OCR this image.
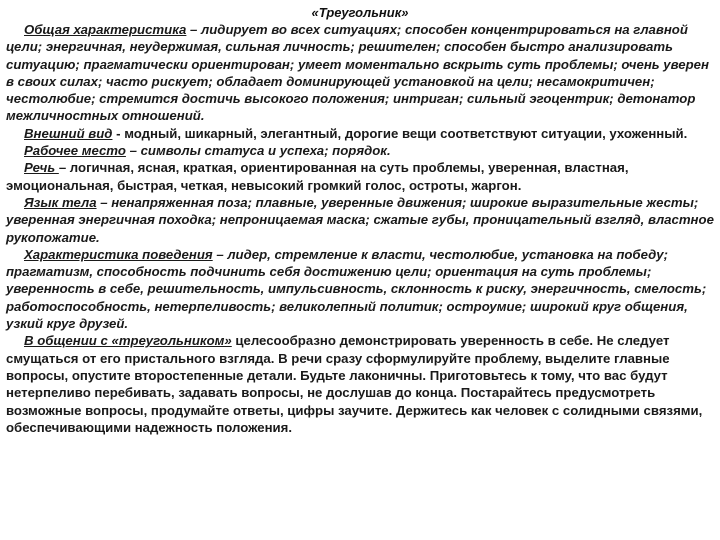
«Треугольник»

Общая характеристика – лидирует во всех ситуациях; способен концентрироваться на главной цели; энергичная, неудержимая, сильная личность; решителен; способен быстро анализировать ситуацию; прагматически ориентирован; умеет моментально вскрыть суть проблемы; очень уверен в своих силах; часто рискует; обладает доминирующей установкой на цели; несамокритичен; честолюбие; стремится достичь высокого положения; интриган; сильный эгоцентрик; детонатор межличностных отношений.

Внешний вид - модный, шикарный, элегантный, дорогие вещи соответствуют ситуации, ухоженный.

Рабочее место – символы статуса и успеха; порядок.

Речь – логичная, ясная, краткая, ориентированная на суть проблемы, уверенная, властная, эмоциональная, быстрая, четкая, невысокий громкий голос, остроты, жаргон.

Язык тела – ненапряженная поза; плавные, уверенные движения; широкие выразительные жесты; уверенная энергичная походка; непроницаемая маска; сжатые губы, проницательный взгляд, властное рукопожатие.

Характеристика поведения – лидер, стремление к власти, честолюбие, установка на победу; прагматизм, способность подчинить себя достижению цели; ориентация на суть проблемы; уверенность в себе, решительность, импульсивность, склонность к риску, энергичность, смелость; работоспособность, нетерпеливость; великолепный политик; остроумие; широкий круг общения, узкий круг друзей.

В общении с «треугольником» целесообразно демонстрировать уверенность в себе. Не следует смущаться от его пристального взгляда. В речи сразу сформулируйте проблему, выделите главные вопросы, опустите второстепенные детали. Будьте лаконичны. Приготовьтесь к тому, что вас будут нетерпеливо перебивать, задавать вопросы, не дослушав до конца. Постарайтесь предусмотреть возможные вопросы, продумайте ответы, цифры заучите. Держитесь как человек с солидными связями, обеспечивающими надежность положения.
